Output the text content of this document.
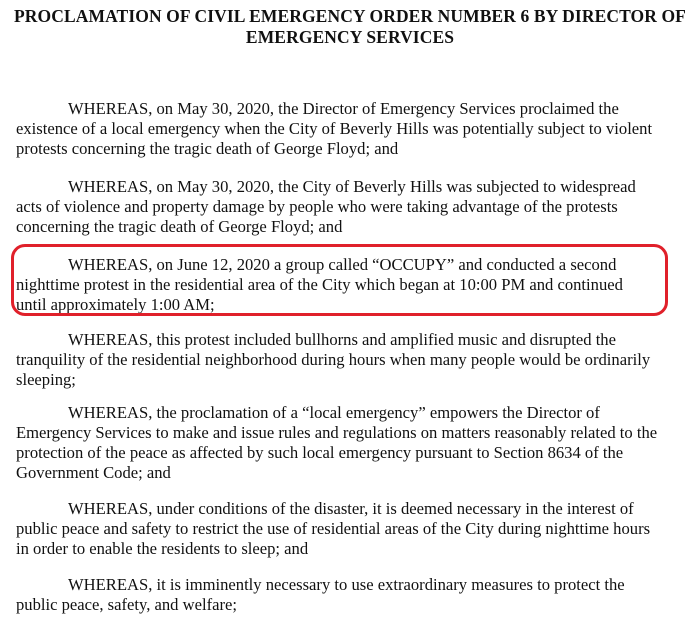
PROCLAMATION OF CIVIL EMERGENCY ORDER NUMBER 6 BY DIRECTOR OF
EMERGENCY SERVICES

WHEREAS, on May 30, 2020, the Director of Emergency Services proclaimed the
existence of a local emergency when the City of Beverly Hills was potentially subject to violent
protests concerning the tragic death of George Floyd; and

WHEREAS, on May 30, 2020, the City of Beverly Hills was subjected to widespread
acts of violence and property damage by people who were taking advantage of the protests
concerning the tragic death of George Floyd; and

WHEREAS, on June 12, 2020 a group called “OCCUPY” and conducted a second
nighttime protest in the residential area of the City which began at 10:00 PM and continued
until approximately 1:00 AM;

WHEREAS, this protest included bullhorns and amplified music and disrupted the
tranquility of the residential neighborhood during hours when many people would be ordinarily
sleeping;

WHEREAS, the proclamation of a “local emergency” empowers the Director of
Emergency Services to make and issue rules and regulations on matters reasonably related to the
protection of the peace as affected by such local emergency pursuant to Section 8634 of the
Government Code; and

WHEREAS, under conditions of the disaster, it is deemed necessary in the interest of
public peace and safety to restrict the use of residential areas of the City during nighttime hours
in order to enable the residents to sleep; and

WHEREAS, it is imminently necessary to use extraordinary measures to protect the
public peace, safety, and welfare;
